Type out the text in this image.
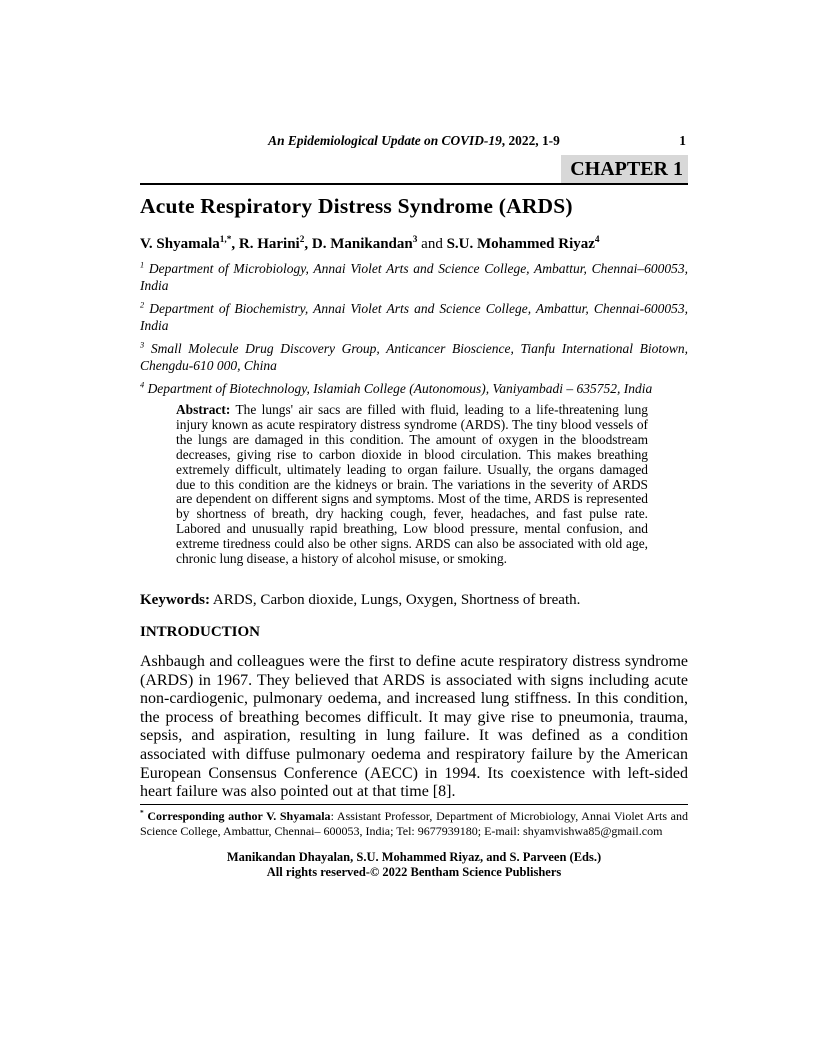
An Epidemiological Update on COVID-19, 2022, 1-9	1
CHAPTER 1
Acute Respiratory Distress Syndrome (ARDS)
V. Shyamala$^{1,*}$, R. Harini$^2$, D. Manikandan$^3$ and S.U. Mohammed Riyaz$^4$

$^1$ Department of Microbiology, Annai Violet Arts and Science College, Ambattur, Chennai–600053, India

$^2$ Department of Biochemistry, Annai Violet Arts and Science College, Ambattur, Chennai-600053, India

$^3$ Small Molecule Drug Discovery Group, Anticancer Bioscience, Tianfu International Biotown, Chengdu-610 000, China

$^4$ Department of Biotechnology, Islamiah College (Autonomous), Vaniyambadi – 635752, India

Abstract: The lungs' air sacs are filled with fluid, leading to a life-threatening lung injury known as acute respiratory distress syndrome (ARDS). The tiny blood vessels of the lungs are damaged in this condition. The amount of oxygen in the bloodstream decreases, giving rise to carbon dioxide in blood circulation. This makes breathing extremely difficult, ultimately leading to organ failure. Usually, the organs damaged due to this condition are the kidneys or brain. The variations in the severity of ARDS are dependent on different signs and symptoms. Most of the time, ARDS is represented by shortness of breath, dry hacking cough, fever, headaches, and fast pulse rate. Labored and unusually rapid breathing, Low blood pressure, mental confusion, and extreme tiredness could also be other signs. ARDS can also be associated with old age, chronic lung disease, a history of alcohol misuse, or smoking.
Keywords: ARDS, Carbon dioxide, Lungs, Oxygen, Shortness of breath.
INTRODUCTION
Ashbaugh and colleagues were the first to define acute respiratory distress syndrome (ARDS) in 1967. They believed that ARDS is associated with signs including acute non-cardiogenic, pulmonary oedema, and increased lung stiffness. In this condition, the process of breathing becomes difficult. It may give rise to pneumonia, trauma, sepsis, and aspiration, resulting in lung failure. It was defined as a condition associated with diffuse pulmonary oedema and respiratory failure by the American European Consensus Conference (AECC) in 1994. Its coexistence with left-sided heart failure was also pointed out at that time [8].
* Corresponding author V. Shyamala: Assistant Professor, Department of Microbiology, Annai Violet Arts and Science College, Ambattur, Chennai– 600053, India; Tel: 9677939180; E-mail: shyamvishwa85@gmail.com
Manikandan Dhayalan, S.U. Mohammed Riyaz, and S. Parveen (Eds.)
All rights reserved-© 2022 Bentham Science Publishers
